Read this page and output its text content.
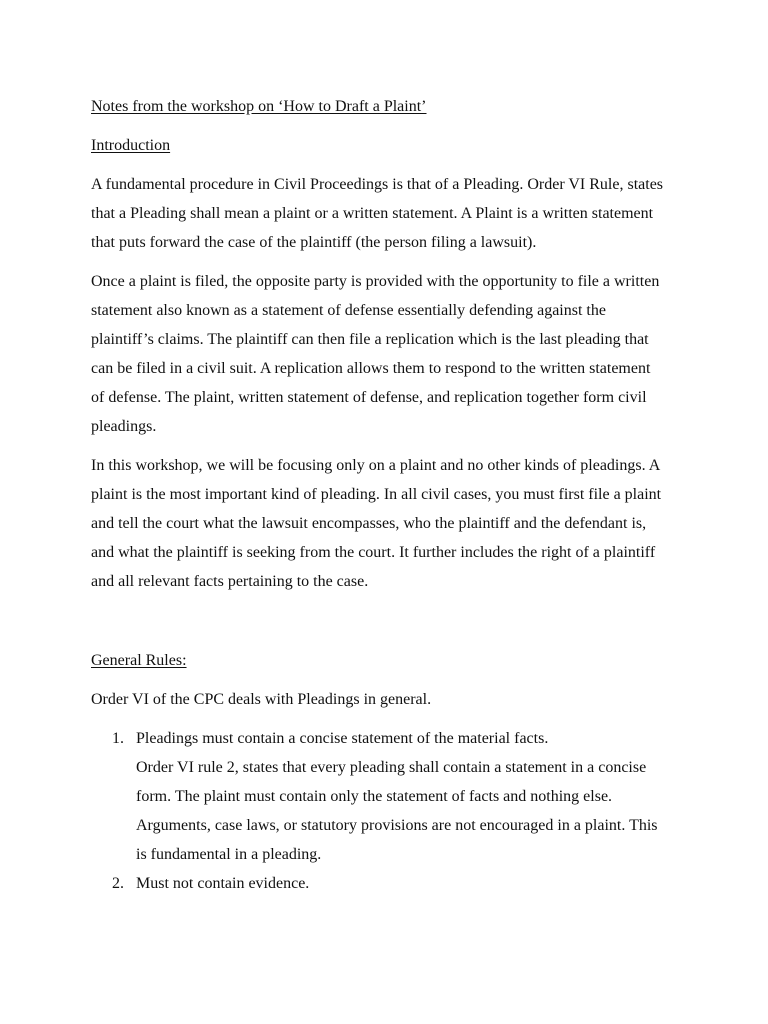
Notes from the workshop on ‘How to Draft a Plaint’
Introduction
A fundamental procedure in Civil Proceedings is that of a Pleading. Order VI Rule, states
that a Pleading shall mean a plaint or a written statement. A Plaint is a written statement
that puts forward the case of the plaintiff (the person filing a lawsuit).
Once a plaint is filed, the opposite party is provided with the opportunity to file a written
statement also known as a statement of defense essentially defending against the
plaintiff’s claims. The plaintiff can then file a replication which is the last pleading that
can be filed in a civil suit. A replication allows them to respond to the written statement
of defense. The plaint, written statement of defense, and replication together form civil
pleadings.
In this workshop, we will be focusing only on a plaint and no other kinds of pleadings. A
plaint is the most important kind of pleading. In all civil cases, you must first file a plaint
and tell the court what the lawsuit encompasses, who the plaintiff and the defendant is,
and what the plaintiff is seeking from the court. It further includes the right of a plaintiff
and all relevant facts pertaining to the case.
General Rules:
Order VI of the CPC deals with Pleadings in general.
1. Pleadings must contain a concise statement of the material facts.
Order VI rule 2, states that every pleading shall contain a statement in a concise
form. The plaint must contain only the statement of facts and nothing else.
Arguments, case laws, or statutory provisions are not encouraged in a plaint. This
is fundamental in a pleading.
2. Must not contain evidence.
